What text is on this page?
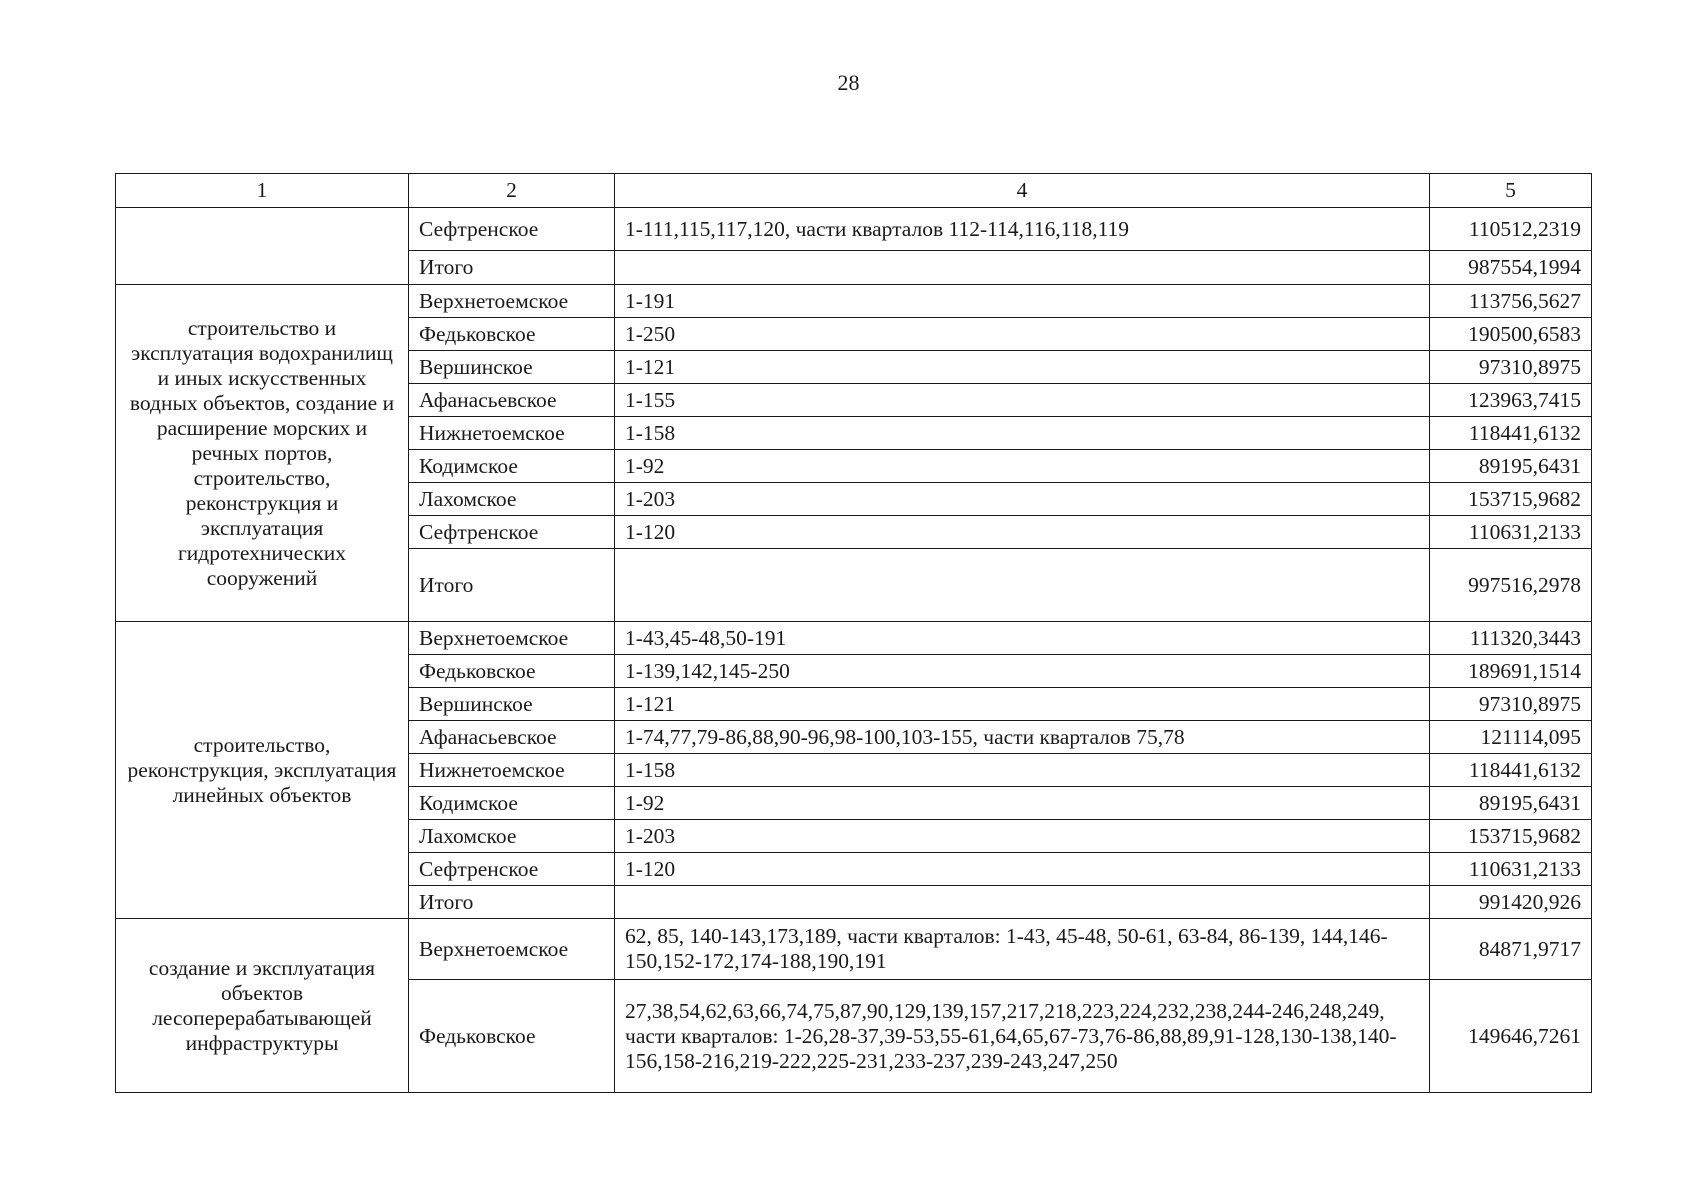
28
1	2	4	5
	Сефтренское	1-111,115,117,120, части кварталов 112-114,116,118,119	110512,2319
	Итого		987554,1994
строительство и эксплуатация водохранилищ и иных искусственных водных объектов, создание и расширение морских и речных портов, строительство, реконструкция и эксплуатация гидротехнических сооружений	Верхнетоемское	1-191	113756,5627
	Федьковское	1-250	190500,6583
	Вершинское	1-121	97310,8975
	Афанасьевское	1-155	123963,7415
	Нижнетоемское	1-158	118441,6132
	Кодимское	1-92	89195,6431
	Лахомское	1-203	153715,9682
	Сефтренское	1-120	110631,2133
	Итого		997516,2978
строительство, реконструкция, эксплуатация линейных объектов	Верхнетоемское	1-43,45-48,50-191	111320,3443
	Федьковское	1-139,142,145-250	189691,1514
	Вершинское	1-121	97310,8975
	Афанасьевское	1-74,77,79-86,88,90-96,98-100,103-155, части кварталов 75,78	121114,095
	Нижнетоемское	1-158	118441,6132
	Кодимское	1-92	89195,6431
	Лахомское	1-203	153715,9682
	Сефтренское	1-120	110631,2133
	Итого		991420,926
создание и эксплуатация объектов лесоперерабатывающей инфраструктуры	Верхнетоемское	62, 85, 140-143,173,189, части кварталов: 1-43, 45-48, 50-61, 63-84, 86-139, 144,146-150,152-172,174-188,190,191	84871,9717
	Федьковское	27,38,54,62,63,66,74,75,87,90,129,139,157,217,218,223,224,232,238,244-246,248,249, части кварталов: 1-26,28-37,39-53,55-61,64,65,67-73,76-86,88,89,91-128,130-138,140-156,158-216,219-222,225-231,233-237,239-243,247,250	149646,7261
